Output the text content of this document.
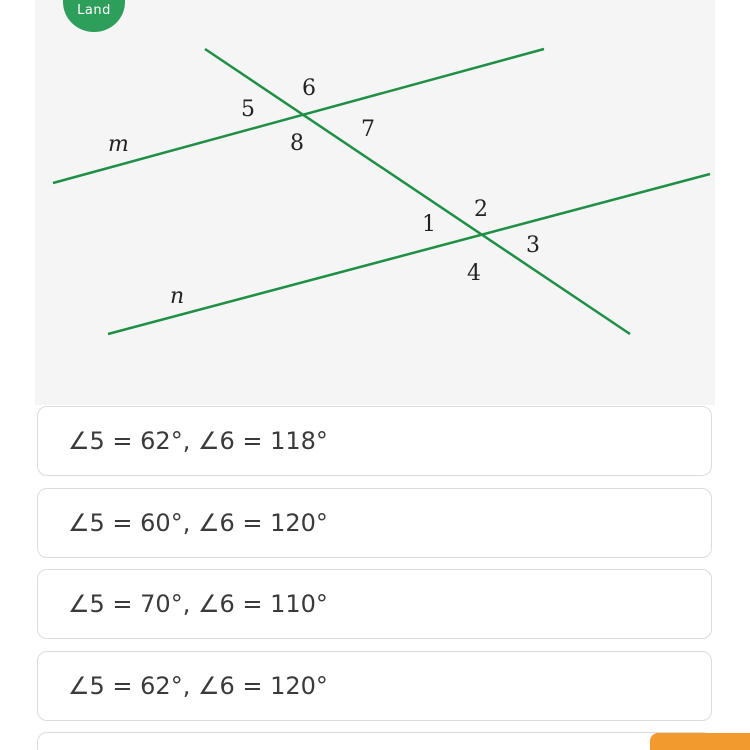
m
n
5
6
7
8
1
2
3
4
Land
∠5 = 62°, ∠6 = 118°
∠5 = 60°, ∠6 = 120°
∠5 = 70°, ∠6 = 110°
∠5 = 62°, ∠6 = 120°
